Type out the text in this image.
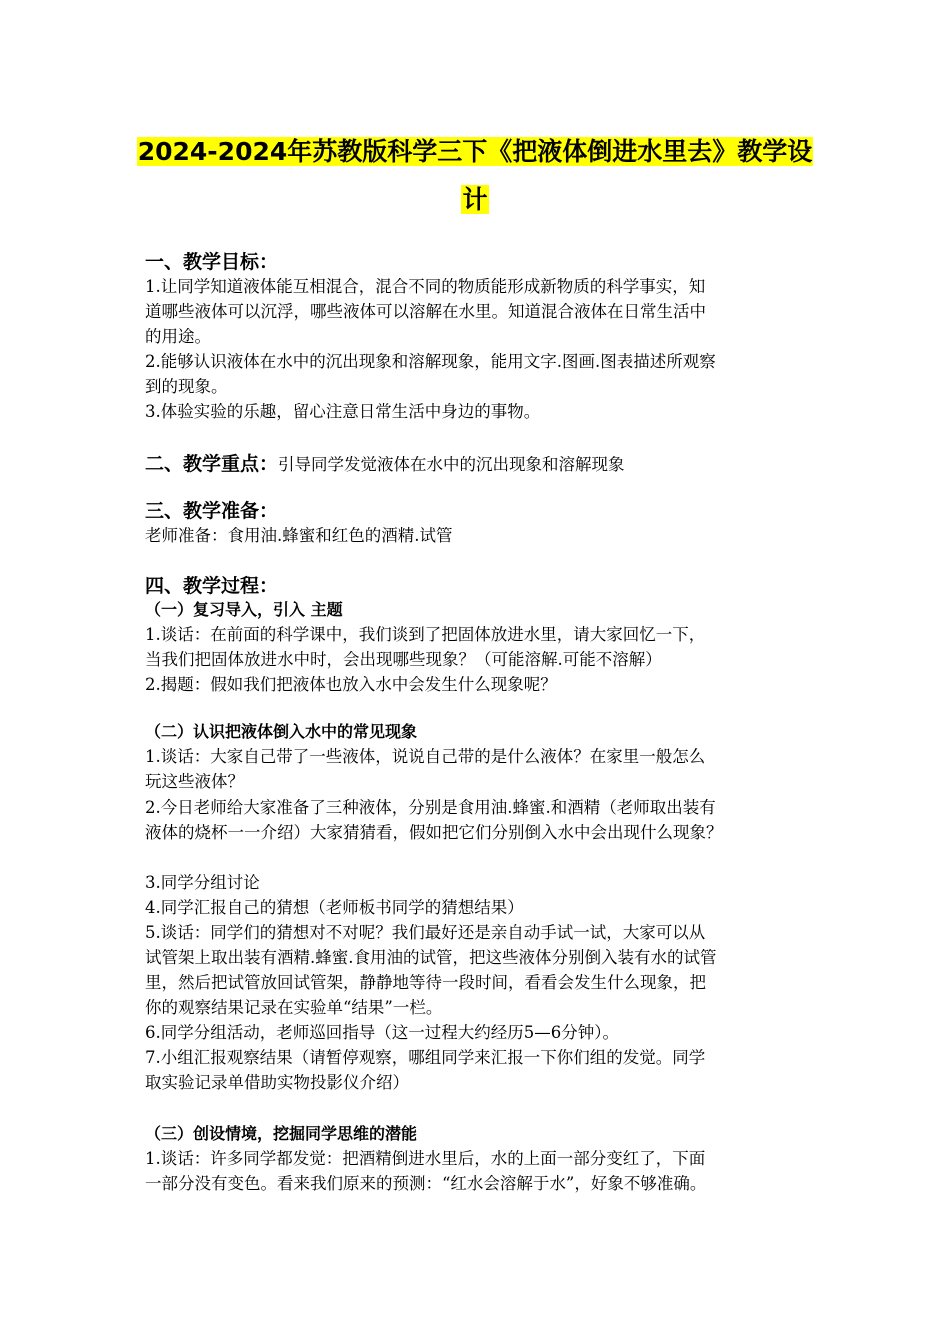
2024-2024年苏教版科学三下《把液体倒进水里去》教学设
计
一、教学目标：
1.让同学知道液体能互相混合，混合不同的物质能形成新物质的科学事实，知
道哪些液体可以沉浮，哪些液体可以溶解在水里。知道混合液体在日常生活中
的用途。
2.能够认识液体在水中的沉出现象和溶解现象，能用文字.图画.图表描述所观察
到的现象。
3.体验实验的乐趣，留心注意日常生活中身边的事物。
二、教学重点：引导同学发觉液体在水中的沉出现象和溶解现象
三、教学准备：
老师准备：食用油.蜂蜜和红色的酒精.试管
四、教学过程：
（一）复习导入，引入 主题
1.谈话：在前面的科学课中，我们谈到了把固体放进水里，请大家回忆一下，
当我们把固体放进水中时，会出现哪些现象？（可能溶解.可能不溶解）
2.揭题：假如我们把液体也放入水中会发生什么现象呢？
（二）认识把液体倒入水中的常见现象
1.谈话：大家自己带了一些液体，说说自己带的是什么液体？在家里一般怎么
玩这些液体？
2.今日老师给大家准备了三种液体，分别是食用油.蜂蜜.和酒精（老师取出装有
液体的烧杯一一介绍）大家猜猜看，假如把它们分别倒入水中会出现什么现象？
3.同学分组讨论
4.同学汇报自己的猜想（老师板书同学的猜想结果）
5.谈话：同学们的猜想对不对呢？我们最好还是亲自动手试一试，大家可以从
试管架上取出装有酒精.蜂蜜.食用油的试管，把这些液体分别倒入装有水的试管
里，然后把试管放回试管架，静静地等待一段时间，看看会发生什么现象，把
你的观察结果记录在实验单“结果”一栏。
6.同学分组活动，老师巡回指导（这一过程大约经历5—6分钟）。
7.小组汇报观察结果（请暂停观察，哪组同学来汇报一下你们组的发觉。同学
取实验记录单借助实物投影仪介绍）
（三）创设情境，挖掘同学思维的潜能
1.谈话：许多同学都发觉：把酒精倒进水里后，水的上面一部分变红了，下面
一部分没有变色。看来我们原来的预测：“红水会溶解于水”，好象不够准确。
